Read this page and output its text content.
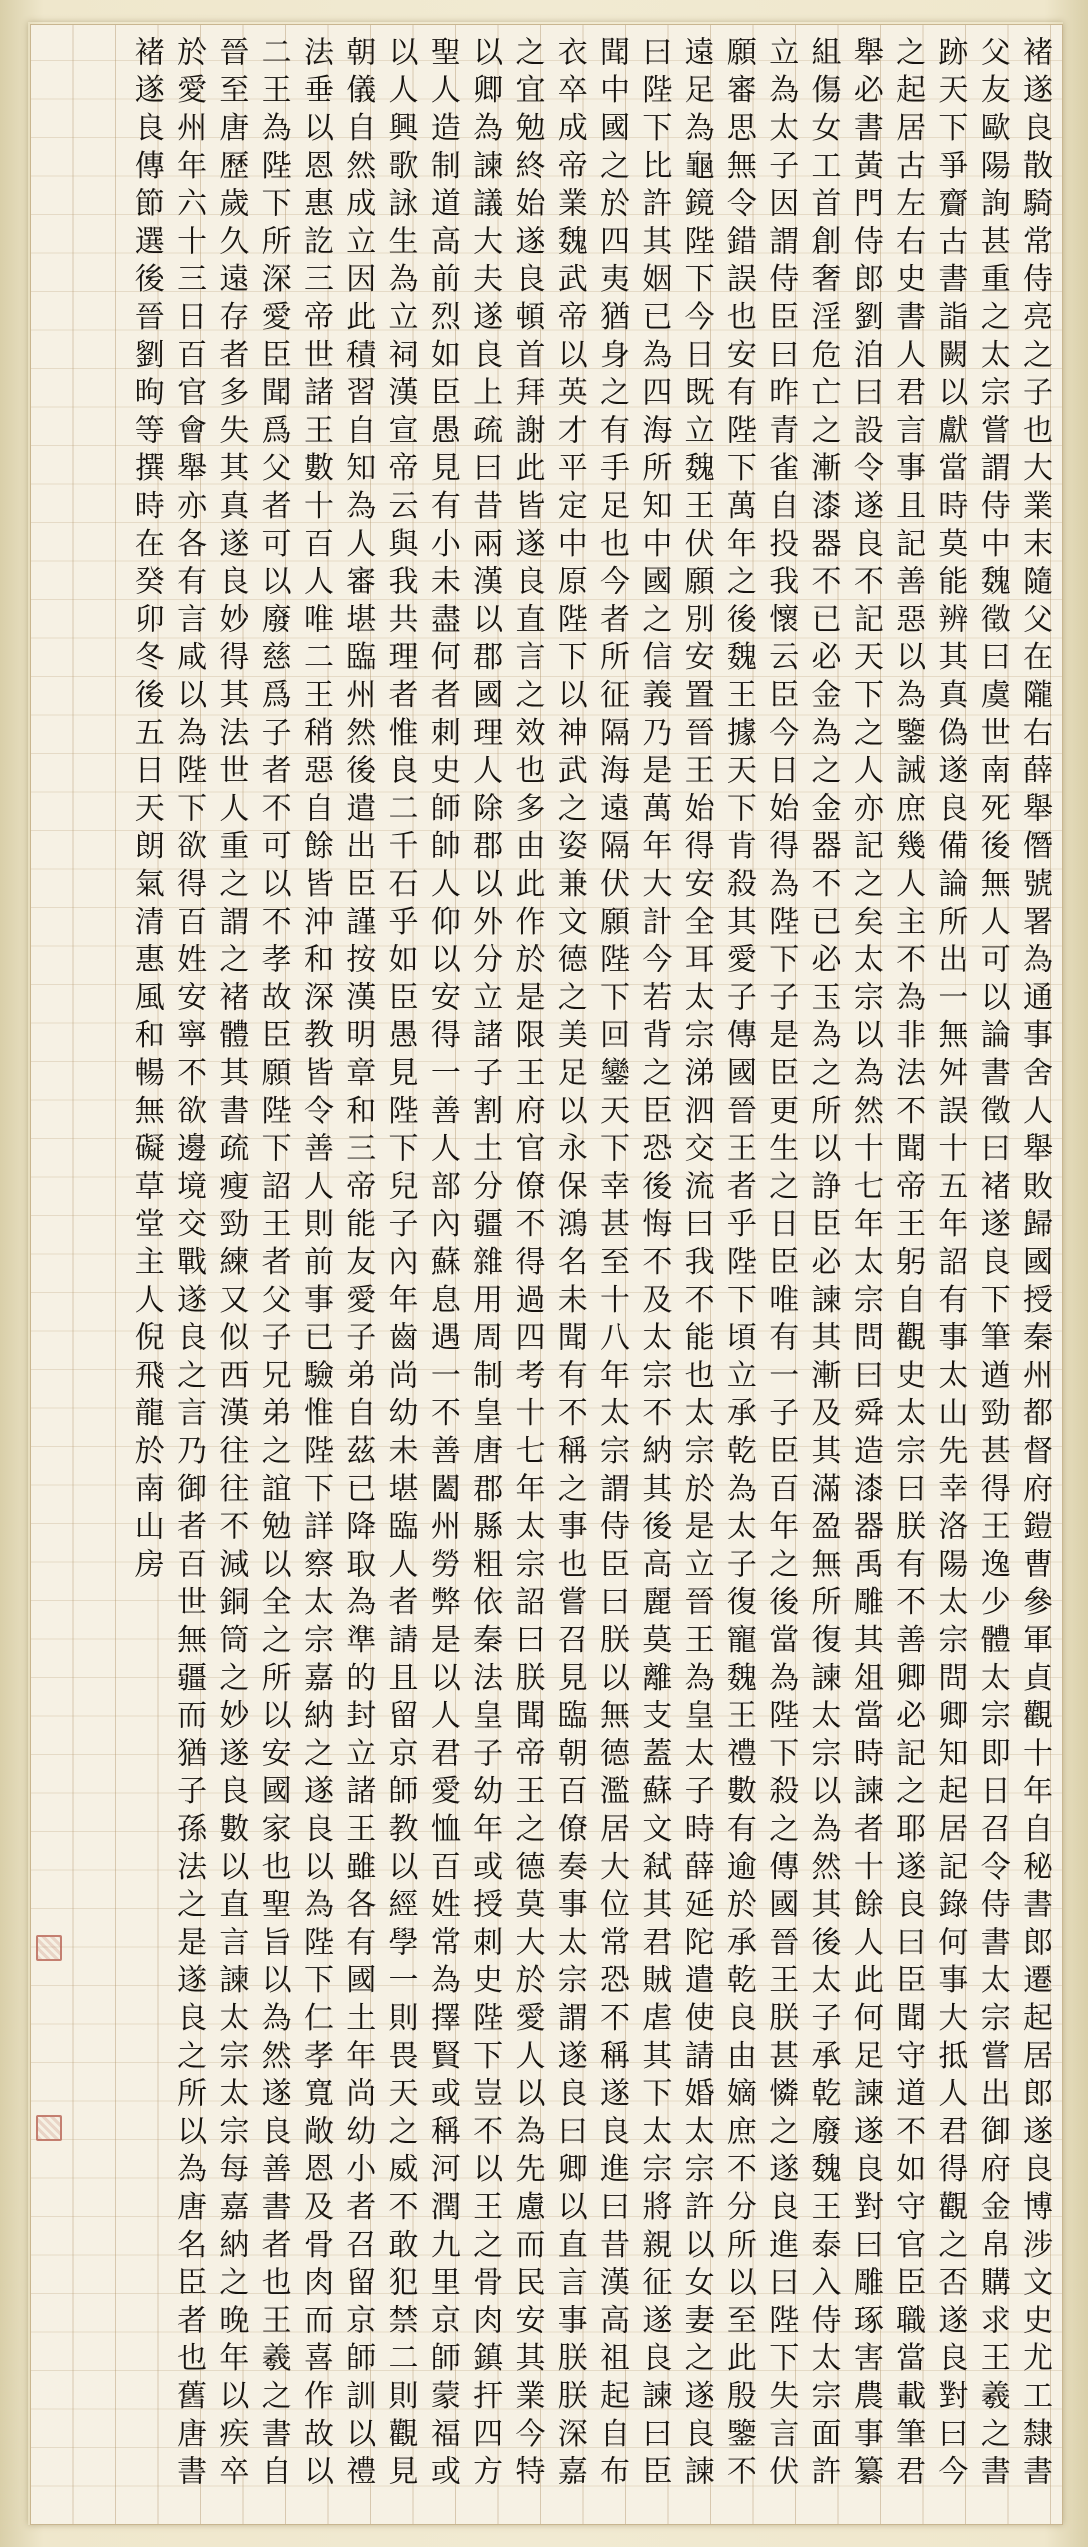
褚遂良散騎常侍亮之子也大業末隨父在隴右薛舉僭號署為通事舍人舉敗歸國授秦州都督府鎧曹參軍貞觀十年自秘書郎遷起居郎遂良博涉文史尤工隸書父友歐陽詢甚重之太宗嘗謂侍中魏徵曰虞世南死後無人可以論書徵曰褚遂良下筆遒勁甚得王逸少體太宗即日召令侍書太宗嘗出御府金帛購求王羲之書跡天下爭齎古書詣闕以獻當時莫能辨其真偽遂良備論所出一無舛誤十五年詔有事太山先幸洛陽太宗問卿知起居記錄何事大抵人君得觀之否遂良對曰今之起居古左右史書人君言事且記善惡以為鑒誡庶幾人主不為非法不聞帝王躬自觀史太宗曰朕有不善卿必記之耶遂良曰臣聞守道不如守官臣職當載筆君舉必書黃門侍郎劉洎曰設令遂良不記天下之人亦記之矣太宗以為然十七年太宗問曰舜造漆器禹雕其俎當時諫者十餘人此何足諫遂良對曰雕琢害農事纂組傷女工首創奢淫危亡之漸漆器不已必金為之金器不已必玉為之所以諍臣必諫其漸及其滿盈無所復諫太宗以為然其後太子承乾廢魏王泰入侍太宗面許立為太子因謂侍臣曰昨青雀自投我懷云臣今日始得為陛下子是臣更生之日臣唯有一子臣百年之後當為陛下殺之傳國晉王朕甚憐之遂良進曰陛下失言伏願審思無令錯誤也安有陛下萬年之後魏王據天下肯殺其愛子傳國晉王者乎陛下頃立承乾為太子復寵魏王禮數有逾於承乾良由嫡庶不分所以至此殷鑒不遠足為龜鏡陛下今日既立魏王伏願別安置晉王始得安全耳太宗涕泗交流曰我不能也太宗於是立晉王為皇太子時薛延陀遣使請婚太宗許以女妻之遂良諫曰陛下比許其姻已為四海所知中國之信義乃是萬年大計今若背之臣恐後悔不及太宗不納其後高麗莫離支蓋蘇文弒其君賊虐其下太宗將親征遂良諫曰臣聞中國之於四夷猶身之有手足也今者所征隔海遠隔伏願陛下回鑾天下幸甚至十八年太宗謂侍臣曰朕以無德濫居大位常恐不稱遂良進曰昔漢高祖起自布衣卒成帝業魏武帝以英才平定中原陛下以神武之姿兼文德之美足以永保鴻名未聞有不稱之事也嘗召見臨朝百僚奏事太宗謂遂良曰卿以直言事朕朕深嘉之宜勉終始遂良頓首拜謝此皆遂良直言之效也多由此作於是限王府官僚不得過四考十七年太宗詔曰朕聞帝王之德莫大於愛人以為先慮而民安其業今特以卿為諫議大夫遂良上疏曰昔兩漢以郡國理人除郡以外分立諸子割土分疆雜用周制皇唐郡縣粗依秦法皇子幼年或授刺史陛下豈不以王之骨肉鎮扞四方聖人造制道高前烈如臣愚見有小未盡何者刺史師帥人仰以安得一善人部內蘇息遇一不善闔州勞弊是以人君愛恤百姓常為擇賢或稱河潤九里京師蒙福或以人興歌詠生為立祠漢宣帝云與我共理者惟良二千石乎如臣愚見陛下兒子內年齒尚幼未堪臨人者請且留京師教以經學一則畏天之威不敢犯禁二則觀見朝儀自然成立因此積習自知為人審堪臨州然後遣出臣謹按漢明章和三帝能友愛子弟自茲已降取為準的封立諸王雖各有國土年尚幼小者召留京師訓以禮法垂以恩惠訖三帝世諸王數十百人唯二王稍惡自餘皆沖和深教皆令善人則前事已驗惟陛下詳察太宗嘉納之遂良以為陛下仁孝寬敞恩及骨肉而喜作故以二王為陛下所深愛臣聞爲父者可以廢慈爲子者不可以不孝故臣願陛下詔王者父子兄弟之誼勉以全之所以安國家也聖旨以為然遂良善書者也王羲之書自晉至唐歷歲久遠存者多失其真遂良妙得其法世人重之謂之褚體其書疏瘦勁練又似西漢往往不減銅筒之妙遂良數以直言諫太宗太宗每嘉納之晚年以疾卒於愛州年六十三日百官會舉亦各有言咸以為陛下欲得百姓安寧不欲邊境交戰遂良之言乃御者百世無疆而猶子孫法之是遂良之所以為唐名臣者也舊唐書褚遂良傳節選後晉劉昫等撰時在癸卯冬後五日天朗氣清惠風和暢無礙草堂主人倪飛龍於南山房
